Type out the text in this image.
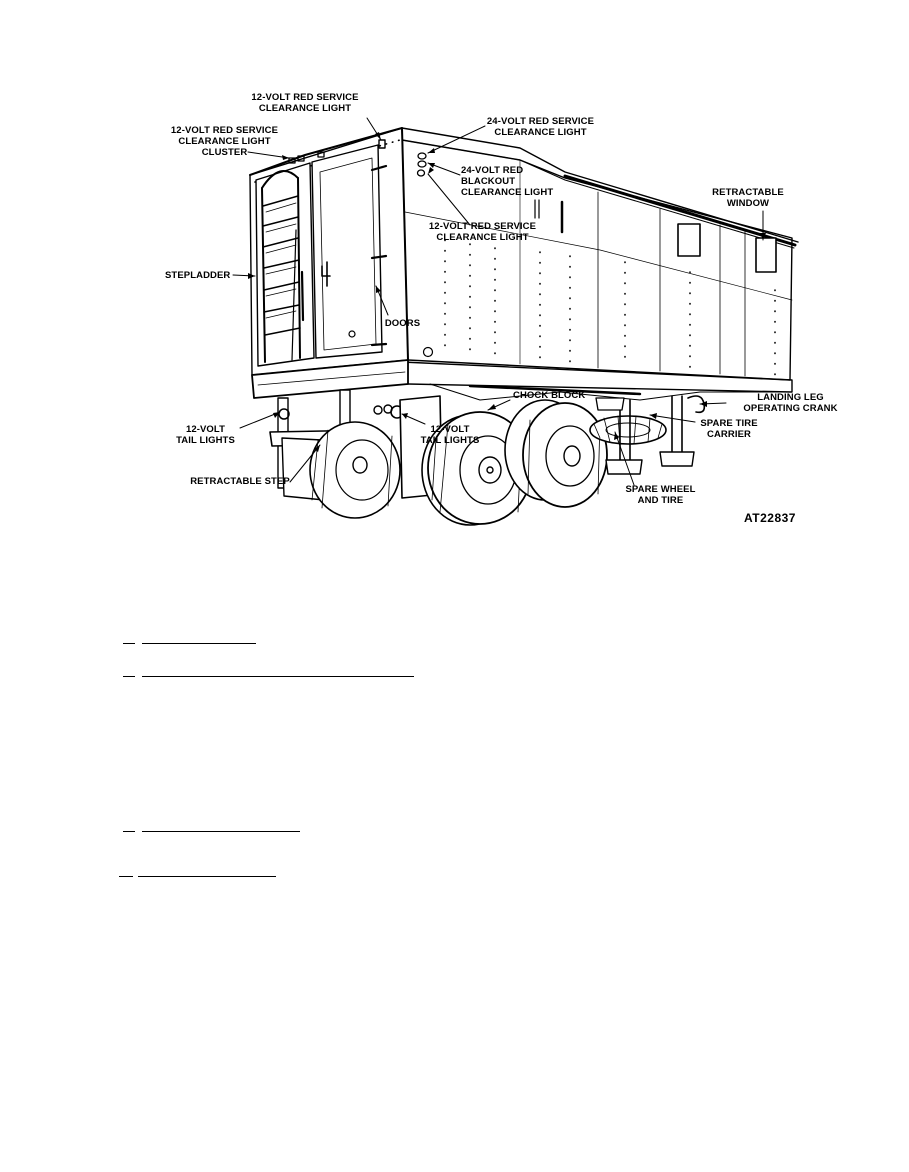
12-VOLT RED SERVICE
CLEARANCE LIGHT
12-VOLT RED SERVICE
CLEARANCE LIGHT
CLUSTER
24-VOLT RED SERVICE
CLEARANCE LIGHT
24-VOLT RED
BLACKOUT
CLEARANCE LIGHT
12-VOLT RED SERVICE
CLEARANCE LIGHT
RETRACTABLE
WINDOW
STEPLADDER
DOORS
CHOCK BLOCK	LANDING LEG
OPERATING CRANK
12-VOLT
TAIL LIGHTS
12-VOLT
TAIL LIGHTS
SPARE TIRE
CARRIER
RETRACTABLE STEP
SPARE WHEEL
AND TIRE
AT22837
